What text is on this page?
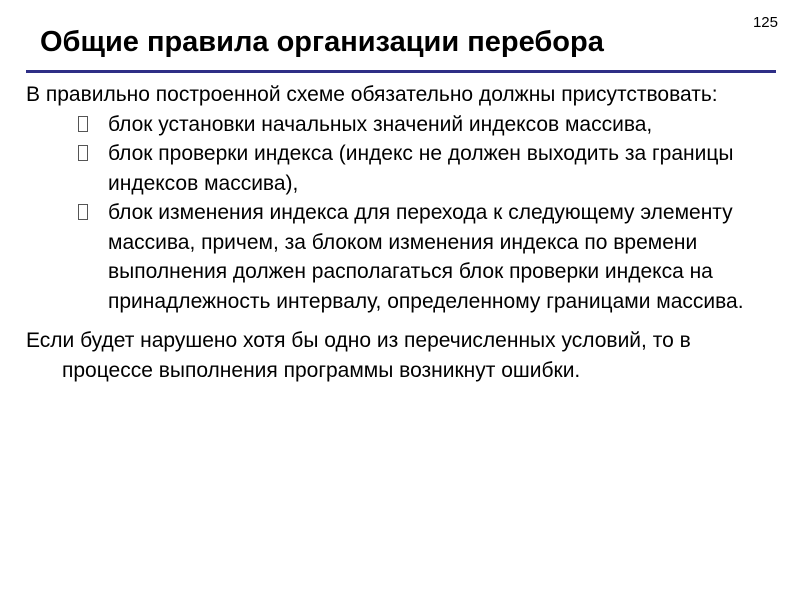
125
Общие правила организации перебора

В правильно построенной схеме обязательно должны присутствовать:

блок установки начальных значений индексов массива,
блок проверки индекса (индекс не должен выходить за границы индексов массива),
блок изменения индекса для перехода к следующему элементу массива, причем, за блоком изменения индекса по времени выполнения должен располагаться блок проверки индекса на принадлежность интервалу, определенному границами массива.

Если будет нарушено хотя бы одно из перечисленных условий, то в процессе выполнения программы возникнут ошибки.
